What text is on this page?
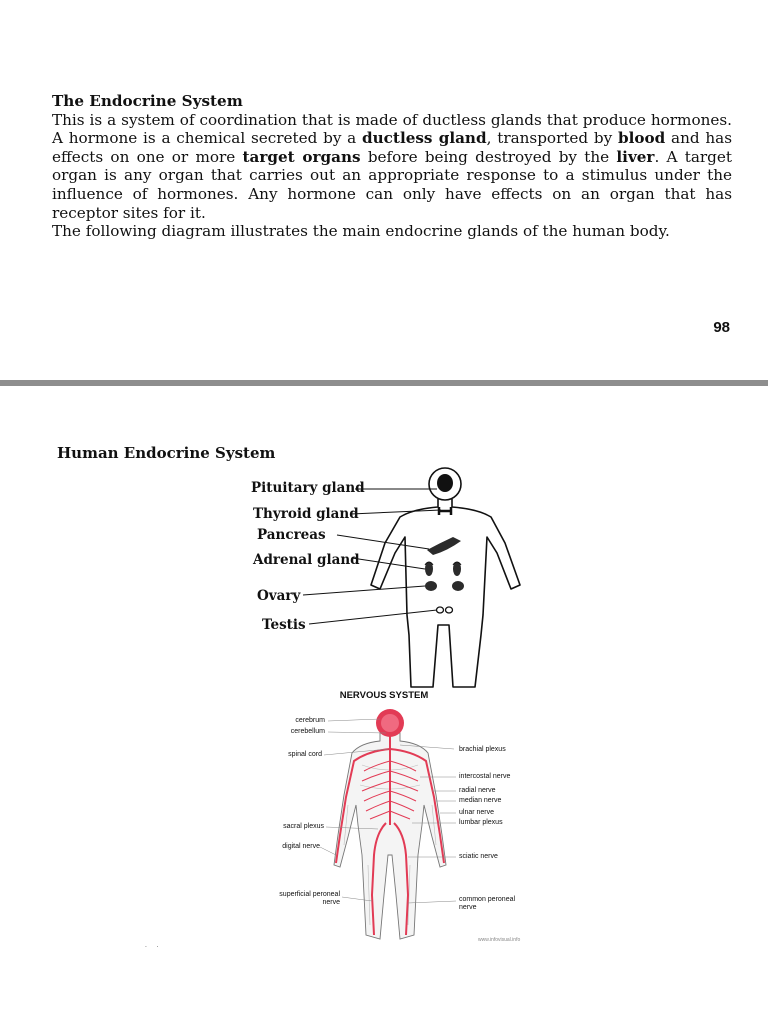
The Endocrine System

This is a system of coordination that is made of ductless glands that produce hormones. A hormone is a chemical secreted by a ductless gland, transported by blood and has effects on one or more target organs before being destroyed by the liver. A target organ is any organ that carries out an appropriate response to a stimulus under the influence of hormones. Any hormone can only have effects on an organ that has receptor sites for it.

The following diagram illustrates the main endocrine glands of the human body.
98
Human Endocrine System
Pituitary gland
Thyroid gland
Pancreas
Adrenal gland
Ovary
Testis
NERVOUS SYSTEM
cerebrum
cerebellum
spinal cord
brachial plexus
intercostal nerve
radial nerve
median nerve
ulnar nerve
lumbar plexus
sacral plexus
digital nerve
sciatic nerve
superficial peroneal
nerve	common peroneal
nerve
www.infovisual.info
·     ·
